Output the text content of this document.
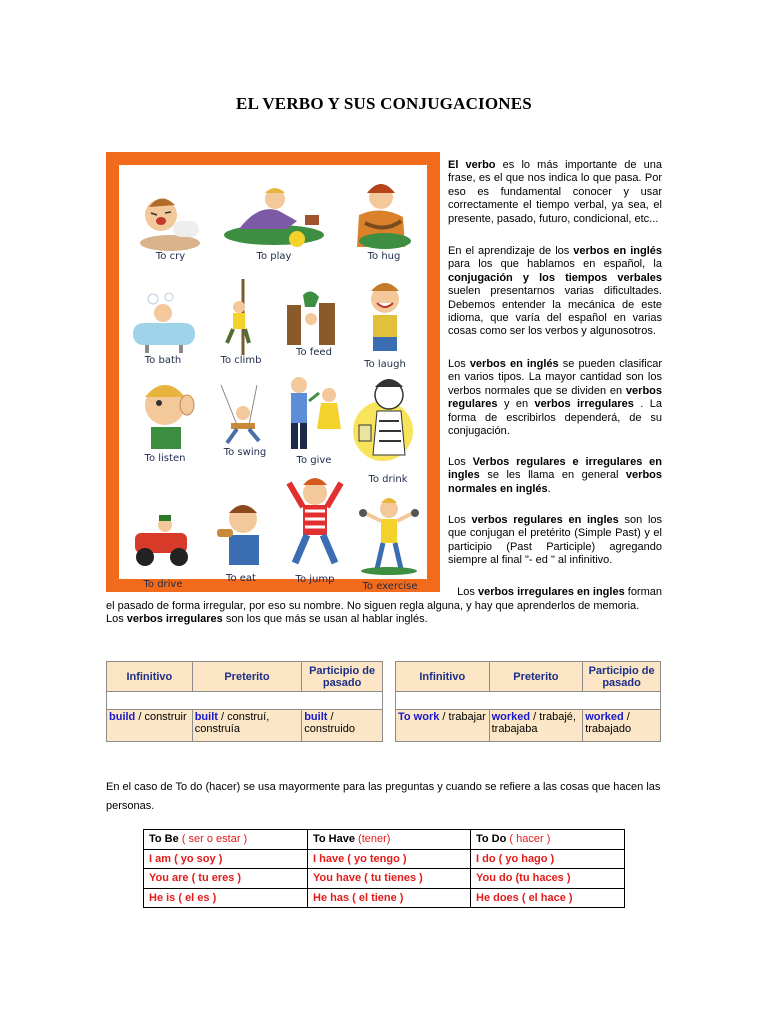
EL VERBO Y SUS CONJUGACIONES
To cry	To play	To hug
To bath	To climb
To feed
To laugh
To listen
To swing
To give
To drink
To drive
To eat	To jump
To exercise
El verbo es lo más importante de una frase, es el que nos indica lo que pasa. Por eso es fundamental conocer y usar correctamente el tiempo verbal, ya sea, el presente, pasado, futuro, condicional, etc...
En el aprendizaje de los verbos en inglés para los que hablamos en español, la conjugación y los tiempos verbales suelen presentarnos varias dificultades. Debemos entender la mecánica de este idioma, que varía del español en varias cosas como ser los verbos y algunosotros.
Los verbos en inglés se pueden clasificar en varios tipos. La mayor cantidad son los verbos normales que se dividen en verbos regulares y en verbos irregulares . La forma de escribirlos dependerá, de su conjugación.
Los Verbos regulares e irregulares en ingles se les llama en general verbos normales en inglés.
Los verbos regulares en ingles son los que conjugan el pretérito (Simple Past) y el participio (Past Participle) agregando siempre al final "- ed " al infinitivo.
Los verbos irregulares en ingles forman
el pasado de forma irregular, por eso su nombre. No siguen regla alguna, y hay que aprenderlos de memoria.
Los verbos irregulares son los que más se usan al hablar inglés.
Infinitivo	Preterito	Participio de pasado

build / construir	built / construí, construía	built / construido
Infinitivo	Preterito	Participio de pasado

To work / trabajar	worked / trabajé, trabajaba	worked / trabajado
En el caso de To do (hacer) se usa mayormente para las preguntas y cuando se refiere a las cosas que hacen las personas.
To Be ( ser o estar )	To Have (tener)	To Do ( hacer )
I am ( yo soy )	I have ( yo tengo )	I do ( yo hago )
You are ( tu eres )	You have ( tu tienes )	You do (tu haces )
He is ( el es )	He has ( el tiene )	He does ( el hace )
